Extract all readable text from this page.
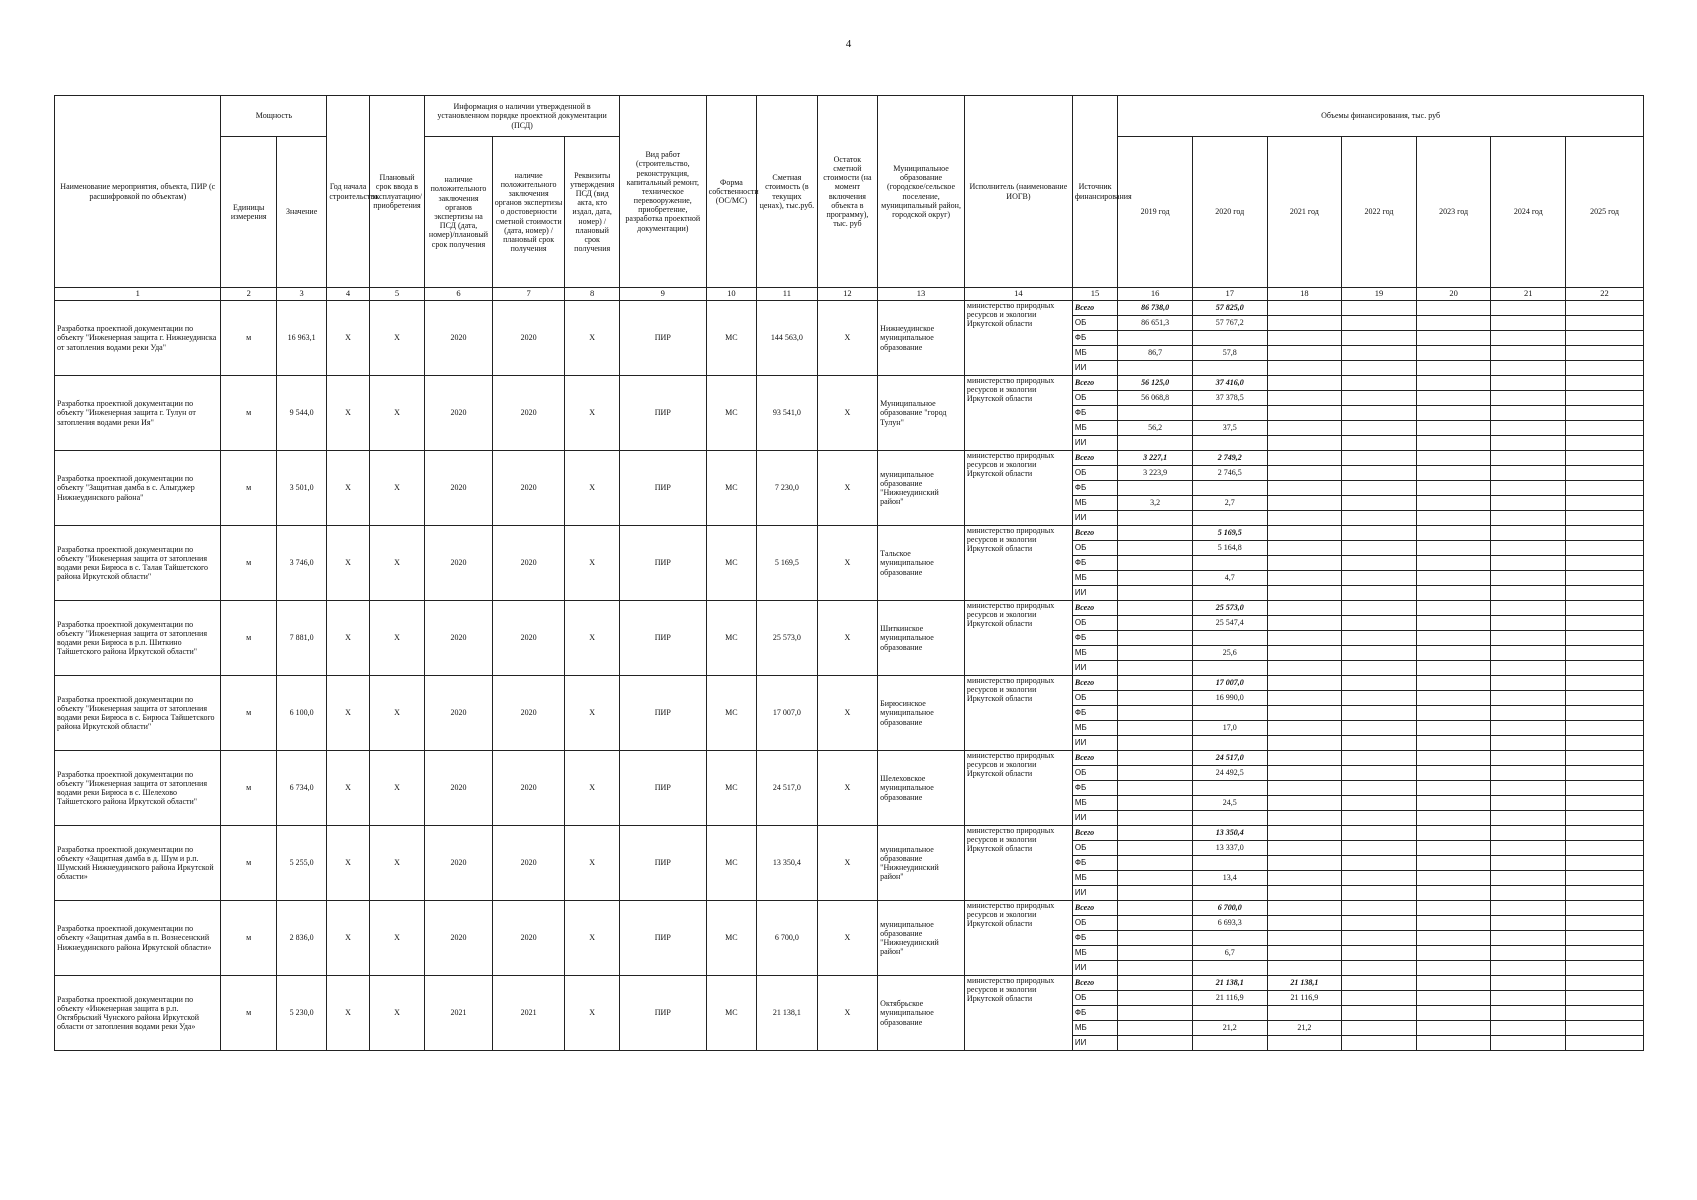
4
Наименование мероприятия, объекта, ПИР (с расшифровкой по объектам)	Мощность		Год начала строительства	Плановый срок ввода в эксплуатацию/приобретения	Информация о наличии утвержденной в установленном порядке проектной документации (ПСД)			Вид работ (строительство, реконструкция, капитальный ремонт, техническое перевооружение, приобретение, разработка проектной документации)	Форма собственности (ОС/МС)	Сметная стоимость (в текущих ценах), тыс.руб.	Остаток сметной стоимости (на момент включения объекта в программу), тыс. руб	Муниципальное образование (городское/сельское поселение, муниципальный район, городской округ)	Исполнитель (наименование ИОГВ)	Источник финансирования	Объемы финансирования, тыс. руб						
	Единицы измерения	Значение			наличие положительного заключения органов экспертизы на ПСД (дата, номер)/плановый срок получения	наличие положительного заключения органов экспертизы о достоверности сметной стоимости (дата, номер) / плановый срок получения	Реквизиты утверждения ПСД (вид акта, кто издал, дата, номер) / плановый срок получения								2019 год	2020 год	2021 год	2022 год	2023 год	2024 год	2025 год
1	2	3	4	5	6	7	8	9	10	11	12	13	14	15	16	17	18	19	20	21	22
Разработка проектной документации по объекту "Инженерная защита г. Нижнеудинска от затопления водами реки Уда"	м	16 963,1	Х	Х	2020	2020	Х	ПИР	МС	144 563,0	Х	Нижнеудинское муниципальное образование	министерство природных ресурсов и экологии Иркутской области	Всего	86 738,0	57 825,0					
														ОБ	86 651,3	57 767,2					
														ФБ							
														МБ	86,7	57,8					
														ИИ							
Разработка проектной документации по объекту "Инженерная защита г. Тулун от затопления водами реки Ия"	м	9 544,0	Х	Х	2020	2020	Х	ПИР	МС	93 541,0	Х	Муниципальное образование "город Тулун"	министерство природных ресурсов и экологии Иркутской области	Всего	56 125,0	37 416,0					
														ОБ	56 068,8	37 378,5					
														ФБ							
														МБ	56,2	37,5					
														ИИ							
Разработка проектной документации по объекту "Защитная дамба в с. Алыгджер Нижнеудинского района"	м	3 501,0	Х	Х	2020	2020	Х	ПИР	МС	7 230,0	Х	муниципальное образование "Нижнеудинский район"	министерство природных ресурсов и экологии Иркутской области	Всего	3 227,1	2 749,2					
														ОБ	3 223,9	2 746,5					
														ФБ							
														МБ	3,2	2,7					
														ИИ							
Разработка проектной документации по объекту "Инженерная защита от затопления водами реки Бирюса в с. Талая Тайшетского района Иркутской области"	м	3 746,0	Х	Х	2020	2020	Х	ПИР	МС	5 169,5	Х	Тальское муниципальное образование	министерство природных ресурсов и экологии Иркутской области	Всего		5 169,5					
														ОБ		5 164,8					
														ФБ							
														МБ		4,7					
														ИИ							
Разработка проектной документации по объекту "Инженерная защита от затопления водами реки Бирюса в р.п. Шиткино Тайшетского района Иркутской области"	м	7 881,0	Х	Х	2020	2020	Х	ПИР	МС	25 573,0	Х	Шиткинское муниципальное образование	министерство природных ресурсов и экологии Иркутской области	Всего		25 573,0					
														ОБ		25 547,4					
														ФБ							
														МБ		25,6					
														ИИ							
Разработка проектной документации по объекту "Инженерная защита от затопления водами реки Бирюса в с. Бирюса Тайшетского района Иркутской области"	м	6 100,0	Х	Х	2020	2020	Х	ПИР	МС	17 007,0	Х	Бирюсинское муниципальное образование	министерство природных ресурсов и экологии Иркутской области	Всего		17 007,0					
														ОБ		16 990,0					
														ФБ							
														МБ		17,0					
														ИИ							
Разработка проектной документации по объекту "Инженерная защита от затопления водами реки Бирюса в с. Шелехово Тайшетского района Иркутской области"	м	6 734,0	Х	Х	2020	2020	Х	ПИР	МС	24 517,0	Х	Шелеховское муниципальное образование	министерство природных ресурсов и экологии Иркутской области	Всего		24 517,0					
														ОБ		24 492,5					
														ФБ							
														МБ		24,5					
														ИИ							
Разработка проектной документации по объекту «Защитная дамба в д. Шум и р.п. Шумский Нижнеудинского района Иркутской области»	м	5 255,0	Х	Х	2020	2020	Х	ПИР	МС	13 350,4	Х	муниципальное образование "Нижнеудинский район"	министерство природных ресурсов и экологии Иркутской области	Всего		13 350,4					
														ОБ		13 337,0					
														ФБ							
														МБ		13,4					
														ИИ							
Разработка проектной документации по объекту «Защитная дамба в п. Вознесенский Нижнеудинского района Иркутской области»	м	2 836,0	Х	Х	2020	2020	Х	ПИР	МС	6 700,0	Х	муниципальное образование "Нижнеудинский район"	министерство природных ресурсов и экологии Иркутской области	Всего		6 700,0					
														ОБ		6 693,3					
														ФБ							
														МБ		6,7					
														ИИ							
Разработка проектной документации по объекту «Инженерная защита в р.п. Октябрьский Чунского района Иркутской области от затопления водами реки Уда»	м	5 230,0	Х	Х	2021	2021	Х	ПИР	МС	21 138,1	Х	Октябрьское муниципальное образование	министерство природных ресурсов и экологии Иркутской области	Всего		21 138,1	21 138,1				
														ОБ		21 116,9	21 116,9				
														ФБ							
														МБ		21,2	21,2				
														ИИ							
